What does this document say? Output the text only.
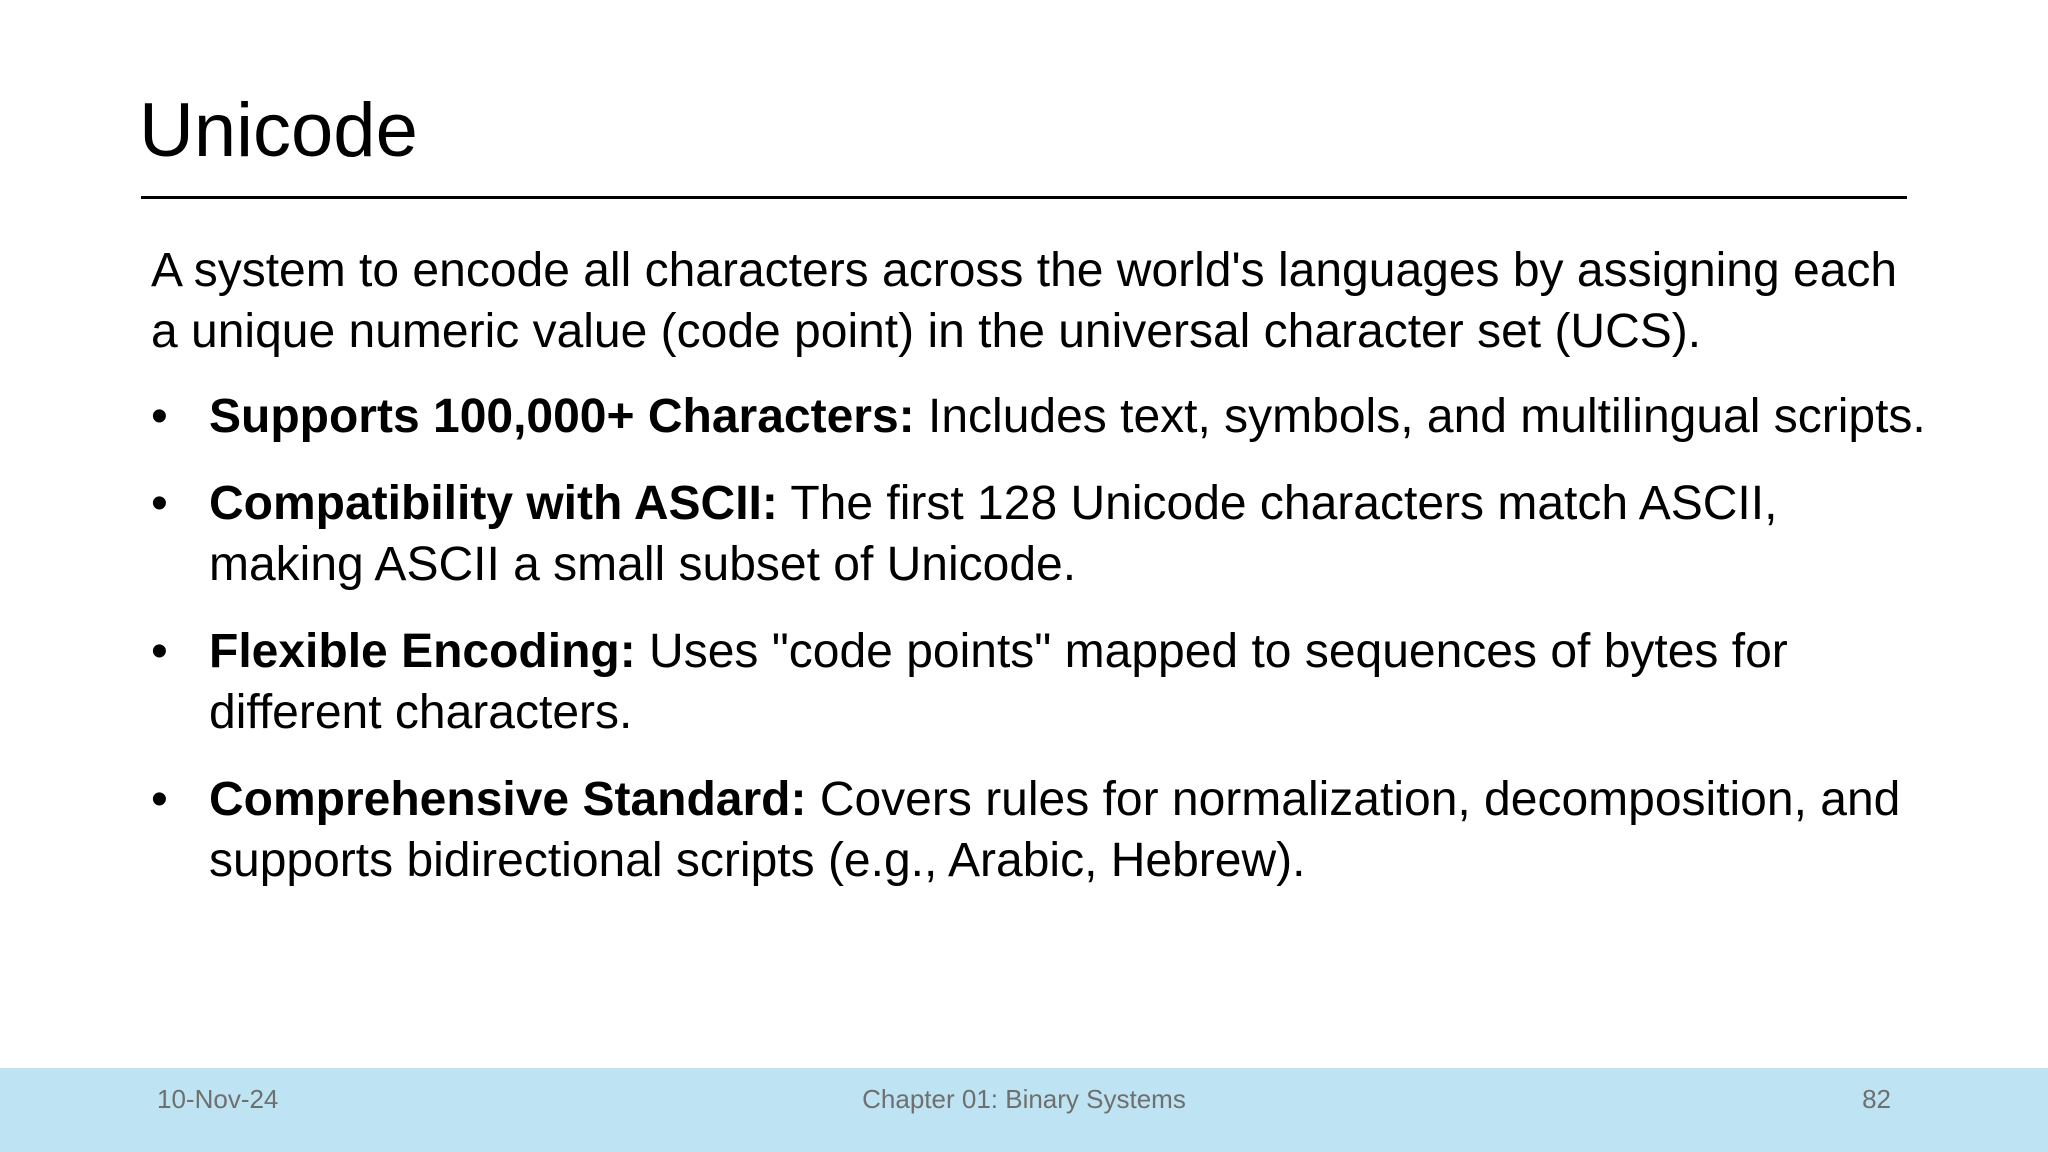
Unicode

A system to encode all characters across the world's languages by assigning each a unique numeric value (code point) in the universal character set (UCS).

• Supports 100,000+ Characters: Includes text, symbols, and multilingual scripts.
• Compatibility with ASCII: The first 128 Unicode characters match ASCII, making ASCII a small subset of Unicode.
• Flexible Encoding: Uses "code points" mapped to sequences of bytes for different characters.
• Comprehensive Standard: Covers rules for normalization, decomposition, and supports bidirectional scripts (e.g., Arabic, Hebrew).
10-Nov-24	Chapter 01: Binary Systems	82
